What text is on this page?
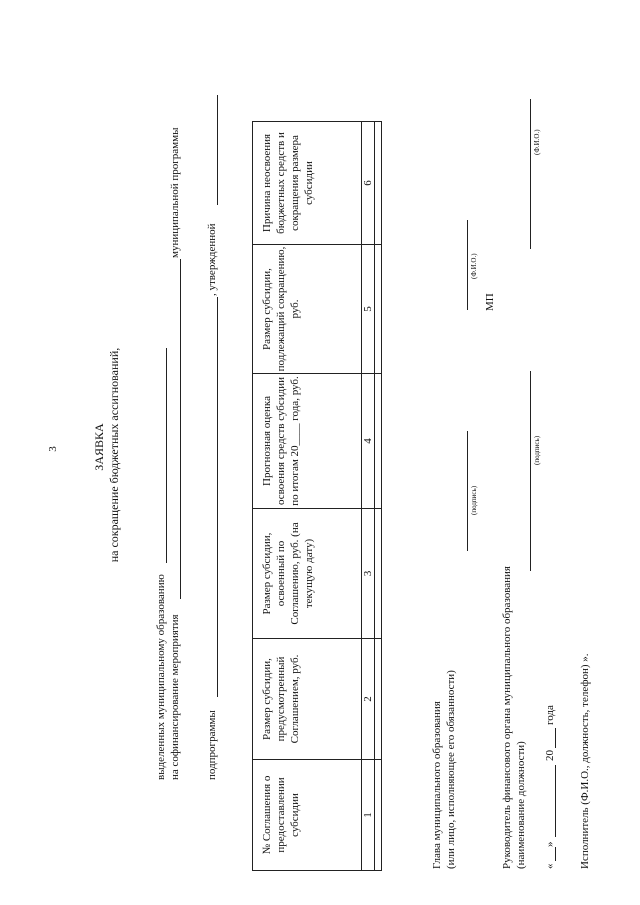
3	ЗАЯВКА на сокращение бюджетных ассигнований,
выделенных муниципальному образованию на софинансирование мероприятия
муниципальной программы
подпрограммы
, утвержденной
№ Соглашения о предоставлении субсидии	Размер субсидии, предусмотренный Соглашением, руб.	Размер субсидии, освоенный по Соглашению, руб. (на текущую дату)	Прогнозная оценка освоения средств субсидии по итогам 20____ года, руб.	Размер субсидии, подлежащий сокращению, руб.	Причина неосвоения бюджетных средств и сокращения размера субсидии
1	2	3	4	5	6

Глава муниципального образования (или лицо, исполняющее его обязанности)
(подпись)
(Ф.И.О.)
МП
Руководитель финансового органа муниципального образования (наименование должности)
(подпись)
(Ф.И.О.)
«
»
20
года Исполнитель (Ф.И.О., должность, телефон) ».
